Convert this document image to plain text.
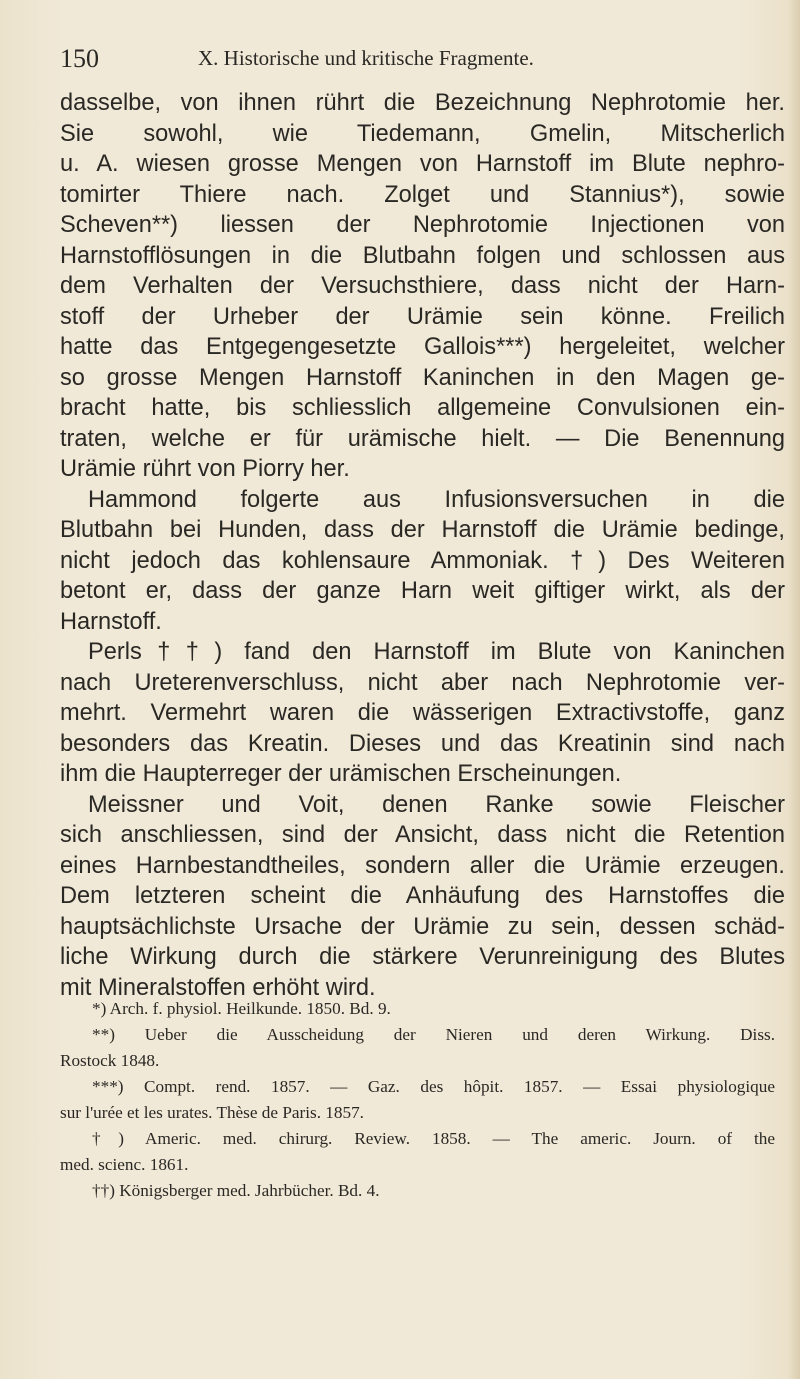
150	X. Historische und kritische Fragmente.
dasselbe, von ihnen rührt die Bezeichnung Nephrotomie her.
Sie sowohl, wie Tiedemann, Gmelin, Mitscherlich
u. A. wiesen grosse Mengen von Harnstoff im Blute nephro-
tomirter Thiere nach. Zolget und Stannius*), sowie
Scheven**) liessen der Nephrotomie Injectionen von
Harnstofflösungen in die Blutbahn folgen und schlossen aus
dem Verhalten der Versuchsthiere, dass nicht der Harn-
stoff der Urheber der Urämie sein könne. Freilich
hatte das Entgegengesetzte Gallois***) hergeleitet, welcher
so grosse Mengen Harnstoff Kaninchen in den Magen ge-
bracht hatte, bis schliesslich allgemeine Convulsionen ein-
traten, welche er für urämische hielt. — Die Benennung
Urämie rührt von Piorry her.
Hammond folgerte aus Infusionsversuchen in die
Blutbahn bei Hunden, dass der Harnstoff die Urämie bedinge,
nicht jedoch das kohlensaure Ammoniak. †) Des Weiteren
betont er, dass der ganze Harn weit giftiger wirkt, als der
Harnstoff.
Perls††) fand den Harnstoff im Blute von Kaninchen
nach Ureterenverschluss, nicht aber nach Nephrotomie ver-
mehrt. Vermehrt waren die wässerigen Extractivstoffe, ganz
besonders das Kreatin. Dieses und das Kreatinin sind nach
ihm die Haupterreger der urämischen Erscheinungen.
Meissner und Voit, denen Ranke sowie Fleischer
sich anschliessen, sind der Ansicht, dass nicht die Retention
eines Harnbestandtheiles, sondern aller die Urämie erzeugen.
Dem letzteren scheint die Anhäufung des Harnstoffes die
hauptsächlichste Ursache der Urämie zu sein, dessen schäd-
liche Wirkung durch die stärkere Verunreinigung des Blutes
mit Mineralstoffen erhöht wird.
*) Arch. f. physiol. Heilkunde. 1850. Bd. 9.
**) Ueber die Ausscheidung der Nieren und deren Wirkung. Diss.
Rostock 1848.
***) Compt. rend. 1857. — Gaz. des hôpit. 1857. — Essai physiologique
sur l'urée et les urates. Thèse de Paris. 1857.
†) Americ. med. chirurg. Review. 1858. — The americ. Journ. of the
med. scienc. 1861.
††) Königsberger med. Jahrbücher. Bd. 4.
